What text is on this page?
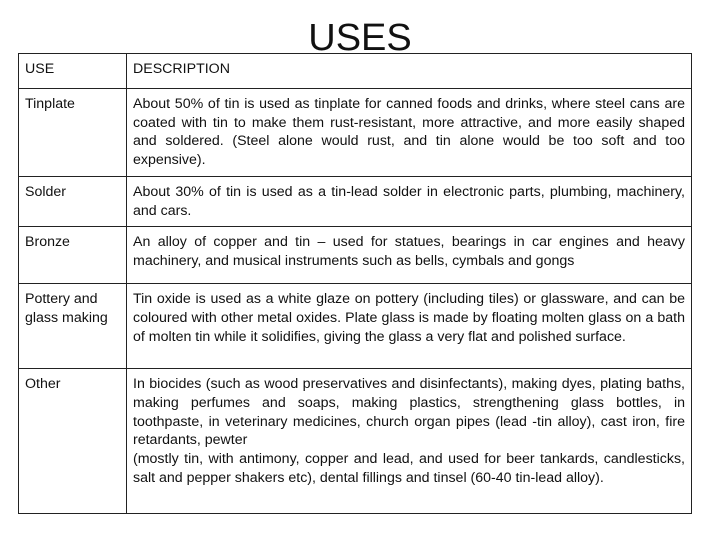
USES
USE	DESCRIPTION
Tinplate	About 50% of tin is used as tinplate for canned foods and drinks, where steel cans are coated with tin to make them rust-resistant, more attractive, and more easily shaped and soldered. (Steel alone would rust, and tin alone would be too soft and too expensive).
Solder	About 30% of tin is used as a tin-lead solder in electronic parts, plumbing, machinery, and cars.
Bronze	An alloy of copper and tin – used for statues, bearings in car engines and heavy machinery, and musical instruments such as bells, cymbals and gongs
Pottery and glass making	Tin oxide is used as a white glaze on pottery (including tiles) or glassware, and can be coloured with other metal oxides. Plate glass is made by floating molten glass on a bath of molten tin while it solidifies, giving the glass a very flat and polished surface.
Other	In biocides (such as wood preservatives and disinfectants), making dyes, plating baths, making perfumes and soaps, making plastics, strengthening glass bottles, in toothpaste, in veterinary medicines, church organ pipes (lead -tin alloy), cast iron, fire retardants, pewter
(mostly tin, with antimony, copper and lead, and used for beer tankards, candlesticks, salt and pepper shakers etc), dental fillings and tinsel (60-40 tin-lead alloy).
